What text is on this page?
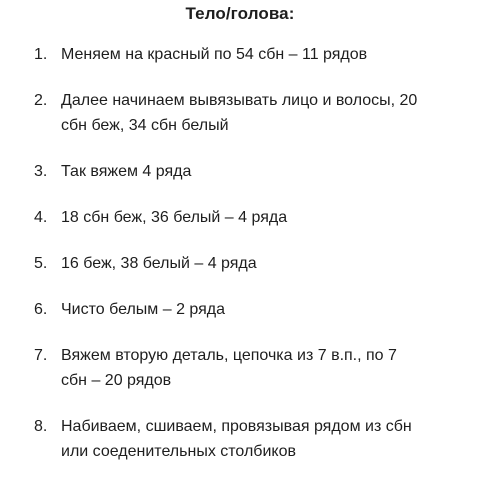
Тело/голова:
1. Меняем на красный по 54 сбн – 11 рядов
2. Далее начинаем вывязывать лицо и волосы, 20
сбн беж, 34 сбн белый
3. Так вяжем 4 ряда
4. 18 сбн беж, 36 белый – 4 ряда
5. 16 беж, 38 белый – 4 ряда
6. Чисто белым – 2 ряда
7. Вяжем вторую деталь, цепочка из 7 в.п., по 7
сбн – 20 рядов
8. Набиваем, сшиваем, провязывая рядом из сбн
или соеденительных столбиков
